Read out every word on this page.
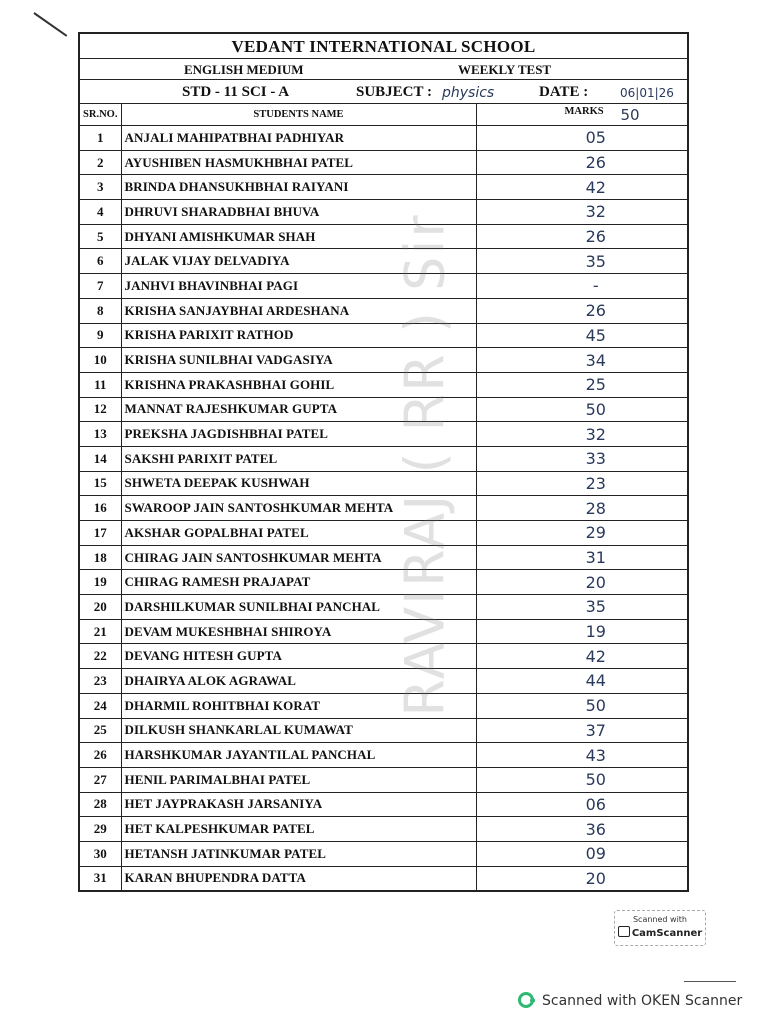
VEDANT INTERNATIONAL SCHOOL
ENGLISH MEDIUM	WEEKLY TEST
STD - 11 SCI - A	SUBJECT : physics	DATE :	06|01|26
SR.NO.	STUDENTS NAME	MARKS 50

1	ANJALI MAHIPATBHAI PADHIYAR	05
2	AYUSHIBEN HASMUKHBHAI PATEL	26
3	BRINDA DHANSUKHBHAI RAIYANI	42
4	DHRUVI SHARADBHAI BHUVA	32
5	DHYANI AMISHKUMAR SHAH	26
6	JALAK VIJAY DELVADIYA	35
7	JANHVI BHAVINBHAI PAGI	-
8	KRISHA SANJAYBHAI ARDESHANA	26
9	KRISHA PARIXIT RATHOD	45
10	KRISHA SUNILBHAI VADGASIYA	34
11	KRISHNA PRAKASHBHAI GOHIL	25
12	MANNAT RAJESHKUMAR GUPTA	50
13	PREKSHA JAGDISHBHAI PATEL	32
14	SAKSHI PARIXIT PATEL	33
15	SHWETA DEEPAK KUSHWAH	23
16	SWAROOP JAIN SANTOSHKUMAR MEHTA	28
17	AKSHAR GOPALBHAI PATEL	29
18	CHIRAG JAIN SANTOSHKUMAR MEHTA	31
19	CHIRAG RAMESH PRAJAPAT	20
20	DARSHILKUMAR SUNILBHAI PANCHAL	35
21	DEVAM MUKESHBHAI SHIROYA	19
22	DEVANG HITESH GUPTA	42
23	DHAIRYA ALOK AGRAWAL	44
24	DHARMIL ROHITBHAI KORAT	50
25	DILKUSH SHANKARLAL KUMAWAT	37
26	HARSHKUMAR JAYANTILAL PANCHAL	43
27	HENIL PARIMALBHAI PATEL	50
28	HET JAYPRAKASH JARSANIYA	06
29	HET KALPESHKUMAR PATEL	36
30	HETANSH JATINKUMAR PATEL	09
31	KARAN BHUPENDRA DATTA	20
RAVIRAJ ( RR ) Sir
Scanned with
CamScanner
Scanned with OKEN Scanner
